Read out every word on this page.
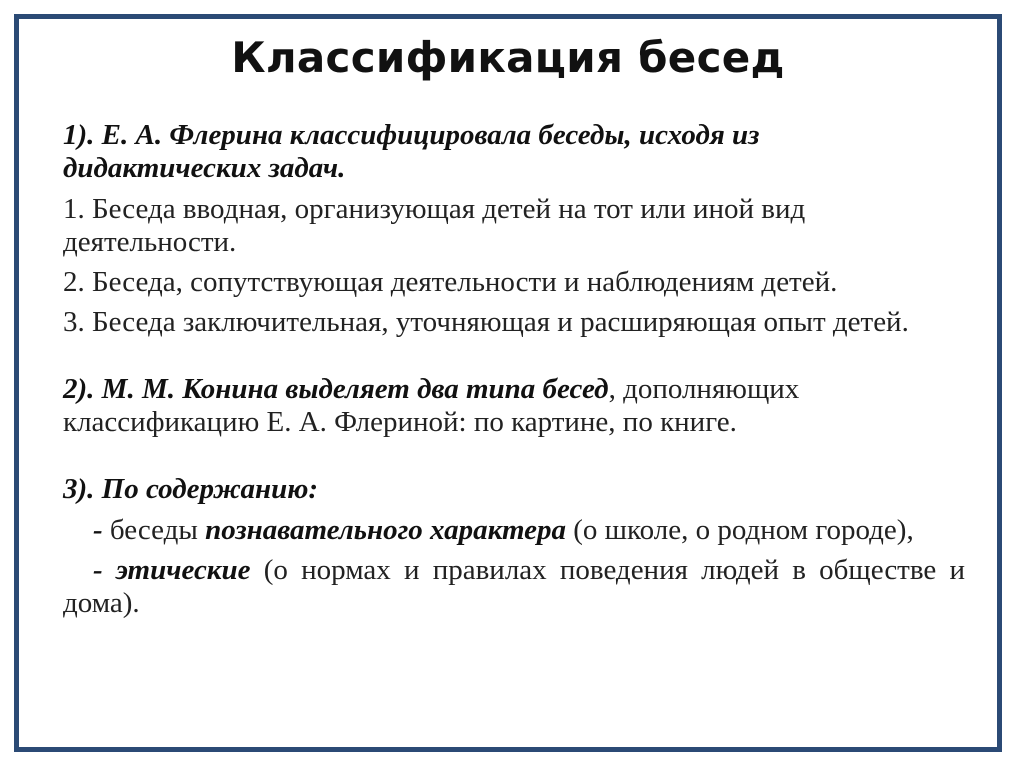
Классификация бесед

1). Е. А. Флерина классифицировала беседы, исходя из дидактических задач.

1. Беседа вводная, организующая детей на тот или иной вид деятельности.

2. Беседа, сопутствующая деятельности и наблюдениям детей.

3. Беседа заключительная, уточняющая и расширяющая опыт детей.

2). М. М. Конина выделяет два типа бесед, дополняющих классификацию Е. А. Флериной: по картине, по книге.

3). По содержанию:

- беседы познавательного характера (о школе, о родном городе),

- этические (о нормах и правилах поведения людей в обществе и дома).
